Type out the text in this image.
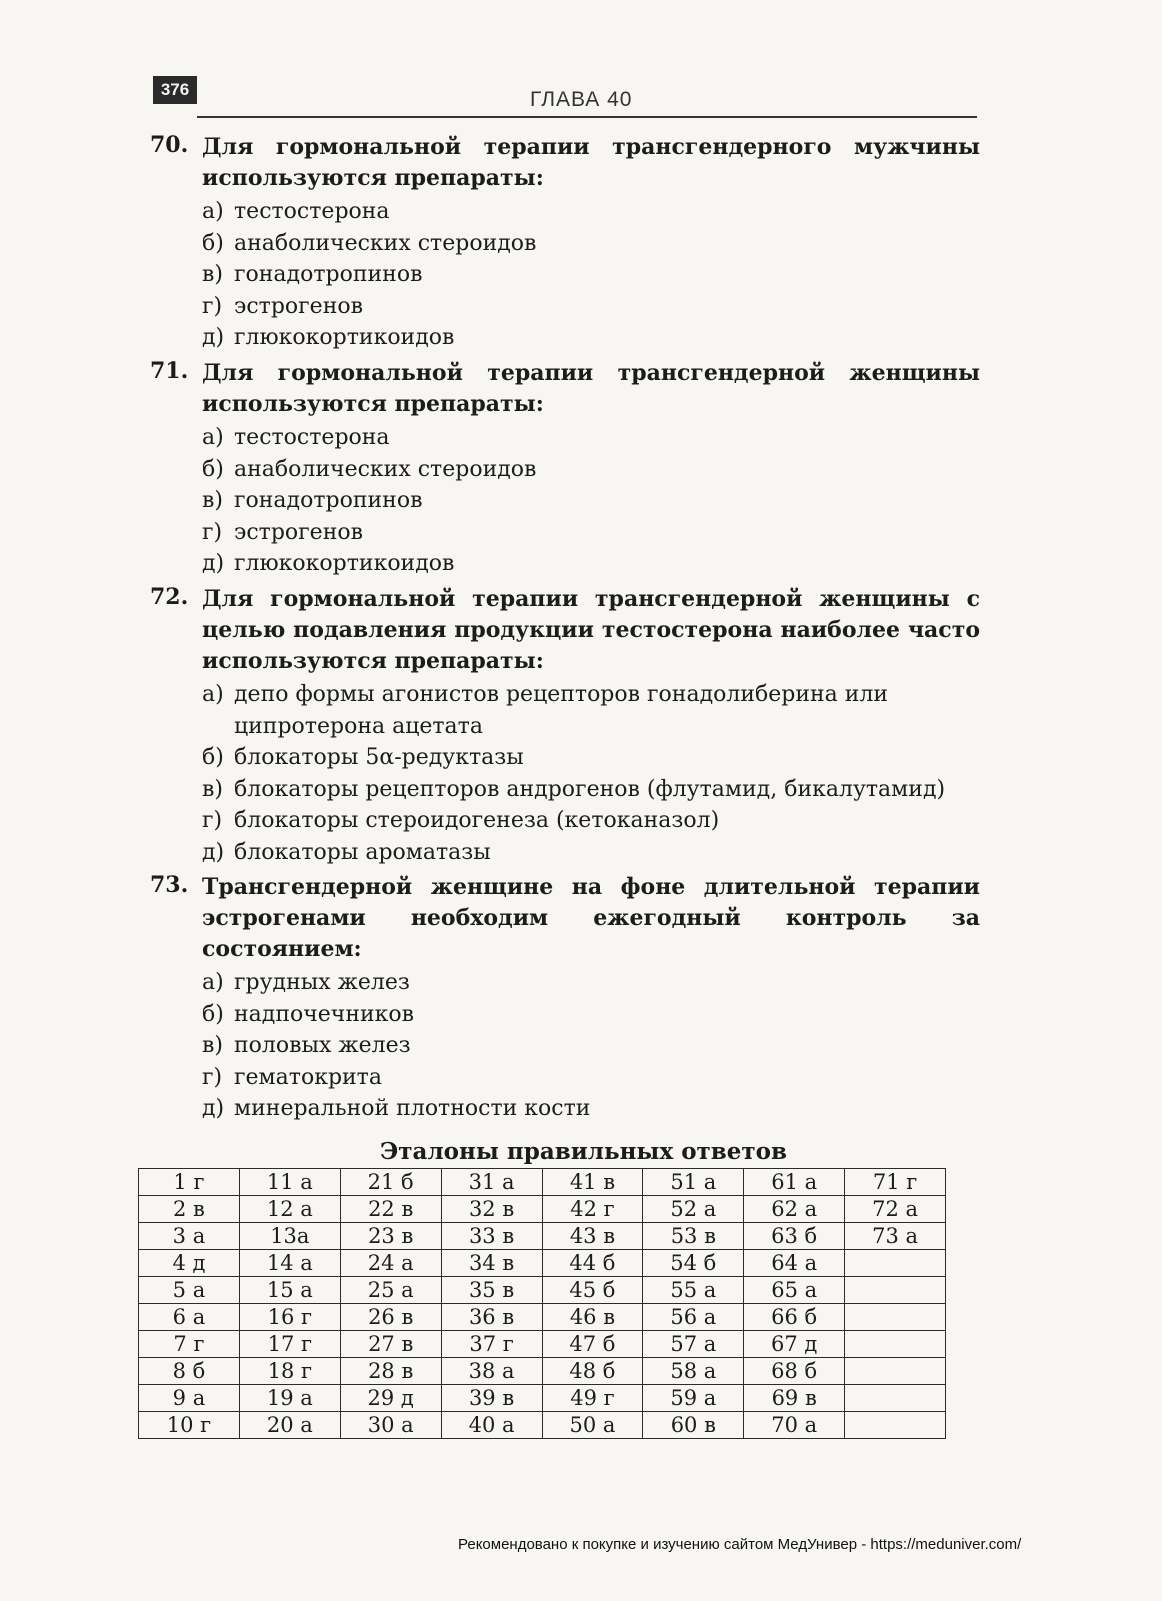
376	ГЛАВА 40
70. Для гормональной терапии трансгендерного мужчины используются препараты:
а) тестостерона
б) анаболических стероидов
в) гонадотропинов
г) эстрогенов
д) глюкокортикоидов
71. Для гормональной терапии трансгендерной женщины используются препараты:
а) тестостерона
б) анаболических стероидов
в) гонадотропинов
г) эстрогенов
д) глюкокортикоидов
72. Для гормональной терапии трансгендерной женщины с целью подавления продукции тестостерона наиболее часто используются препараты:
а) депо формы агонистов рецепторов гонадолиберина или ципротерона ацетата
б) блокаторы 5α-редуктазы
в) блокаторы рецепторов андрогенов (флутамид, бикалутамид)
г) блокаторы стероидогенеза (кетоканазол)
д) блокаторы ароматазы
73. Трансгендерной женщине на фоне длительной терапии эстрогенами необходим ежегодный контроль за состоянием:
а) грудных желез
б) надпочечников
в) половых желез
г) гематокрита
д) минеральной плотности кости
Эталоны правильных ответов
1 г	11 а	21 б	31 а	41 в	51 а	61 а	71 г
2 в	12 а	22 в	32 в	42 г	52 а	62 а	72 а
3 а	13а	23 в	33 в	43 в	53 в	63 б	73 а
4 д	14 а	24 а	34 в	44 б	54 б	64 а	
5 а	15 а	25 а	35 в	45 б	55 а	65 а	
6 а	16 г	26 в	36 в	46 в	56 а	66 б	
7 г	17 г	27 в	37 г	47 б	57 а	67 д	
8 б	18 г	28 в	38 а	48 б	58 а	68 б	
9 а	19 а	29 д	39 в	49 г	59 а	69 в	
10 г	20 а	30 а	40 а	50 а	60 в	70 а	
Рекомендовано к покупке и изучению сайтом МедУнивер - https://meduniver.com/
